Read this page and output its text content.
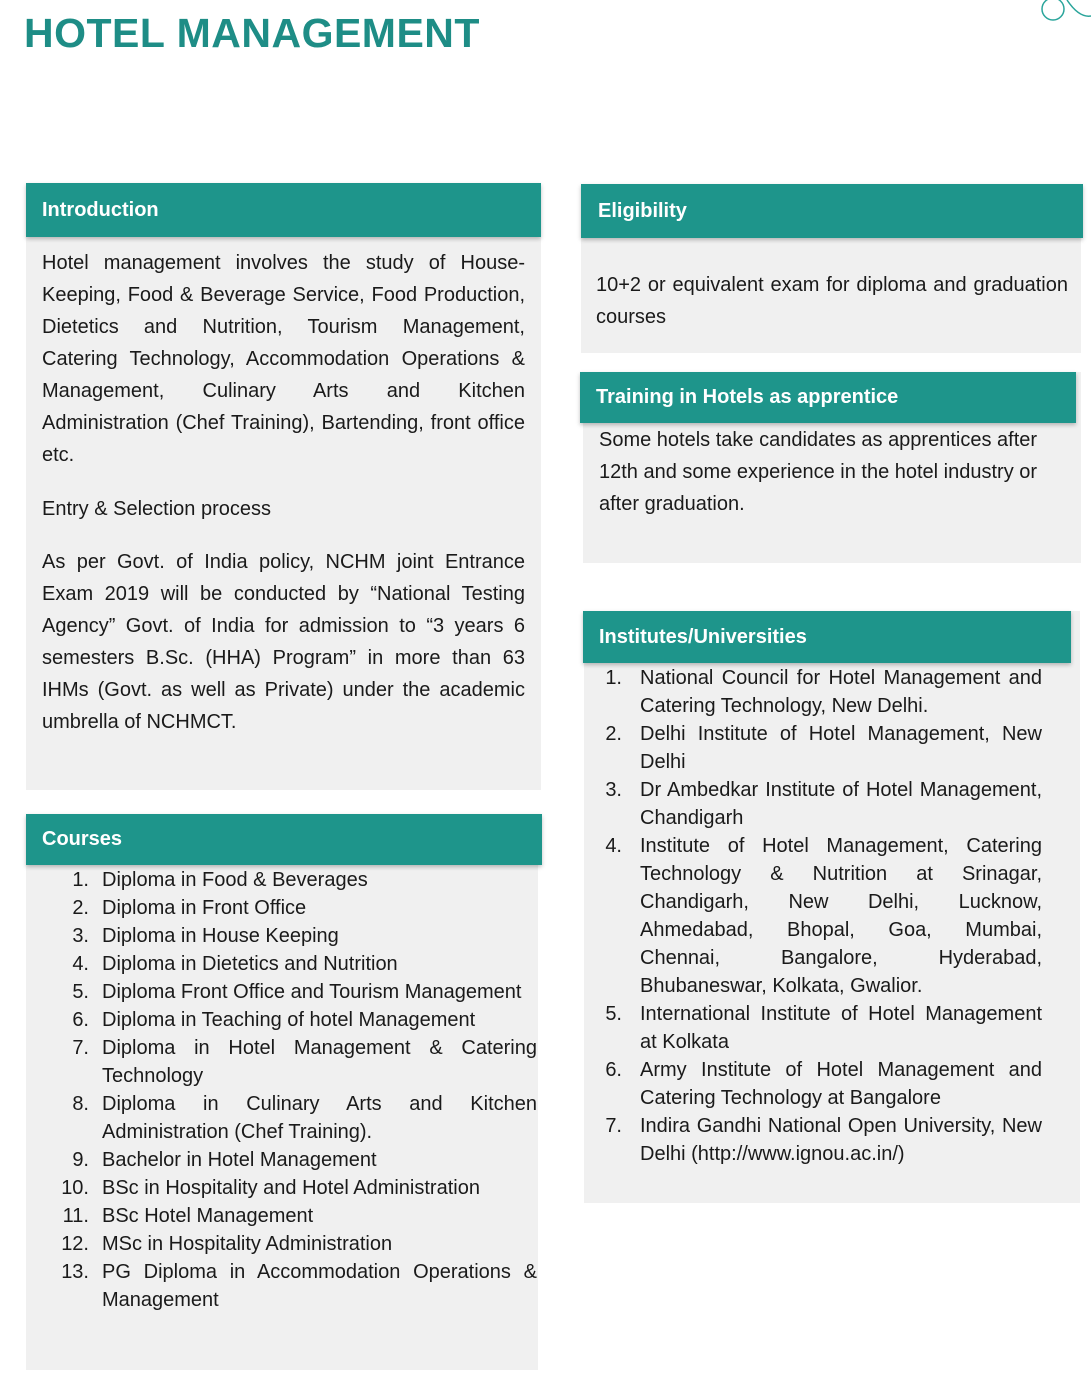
HOTEL MANAGEMENT
Introduction

Hotel management involves the study of House-Keeping, Food & Beverage Service, Food Production, Dietetics and Nutrition, Tourism Management, Catering Technology, Accommodation Operations & Management, Culinary Arts and Kitchen Administration (Chef Training), Bartending, front office etc.

Entry & Selection process

As per Govt. of India policy, NCHM joint Entrance Exam 2019 will be conducted by “National Testing Agency” Govt. of India for admission to “3 years 6 semesters B.Sc. (HHA) Program” in more than 63 IHMs (Govt. as well as Private) under the academic umbrella of NCHMCT.

Courses
1. Diploma in Food & Beverages
2. Diploma in Front Office
3. Diploma in House Keeping
4. Diploma in Dietetics and Nutrition
5. Diploma Front Office and Tourism Management
6. Diploma in Teaching of hotel Management
7. Diploma in Hotel Management & Catering Technology
8. Diploma in Culinary Arts and Kitchen Administration (Chef Training).
9. Bachelor in Hotel Management
10. BSc in Hospitality and Hotel Administration
11. BSc Hotel Management
12. MSc in Hospitality Administration
13. PG Diploma in Accommodation Operations & Management
Eligibility

10+2 or equivalent exam for diploma and graduation courses

Training in Hotels as apprentice

Some hotels take candidates as apprentices after 12th and some experience in the hotel industry or after graduation.

Institutes/Universities
1. National Council for Hotel Management and Catering Technology, New Delhi.
2. Delhi Institute of Hotel Management, New Delhi
3. Dr Ambedkar Institute of Hotel Management, Chandigarh
4. Institute of Hotel Management, Catering Technology & Nutrition at Srinagar, Chandigarh, New Delhi, Lucknow, Ahmedabad, Bhopal, Goa, Mumbai, Chennai, Bangalore, Hyderabad, Bhubaneswar, Kolkata, Gwalior.
5. International Institute of Hotel Management at Kolkata
6. Army Institute of Hotel Management and Catering Technology at Bangalore
7. Indira Gandhi National Open University, New Delhi (http://www.ignou.ac.in/)
